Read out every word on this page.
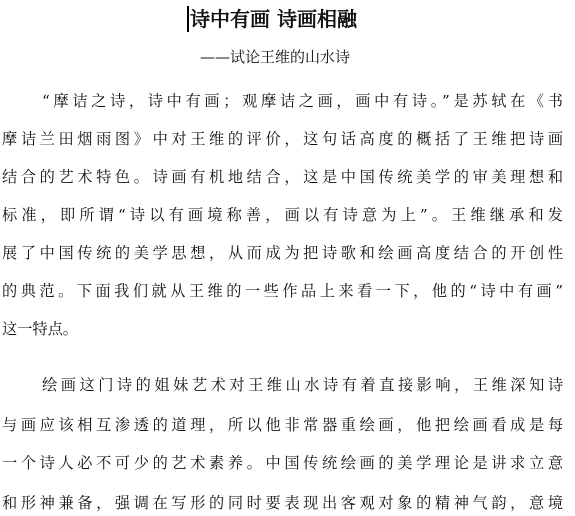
诗中有画 诗画相融
——试论王维的山水诗
“摩诘之诗，诗中有画；观摩诘之画，画中有诗。”是苏轼在《书
摩诘兰田烟雨图》中对王维的评价，这句话高度的概括了王维把诗画
结合的艺术特色。诗画有机地结合，这是中国传统美学的审美理想和
标准，即所谓“诗以有画境称善，画以有诗意为上”。王维继承和发
展了中国传统的美学思想，从而成为把诗歌和绘画高度结合的开创性
的典范。下面我们就从王维的一些作品上来看一下，他的“诗中有画”
这一特点。
绘画这门诗的姐妹艺术对王维山水诗有着直接影响，王维深知诗
与画应该相互渗透的道理，所以他非常器重绘画，他把绘画看成是每
一个诗人必不可少的艺术素养。中国传统绘画的美学理论是讲求立意
和形神兼备，强调在写形的同时要表现出客观对象的精神气韵，意境
